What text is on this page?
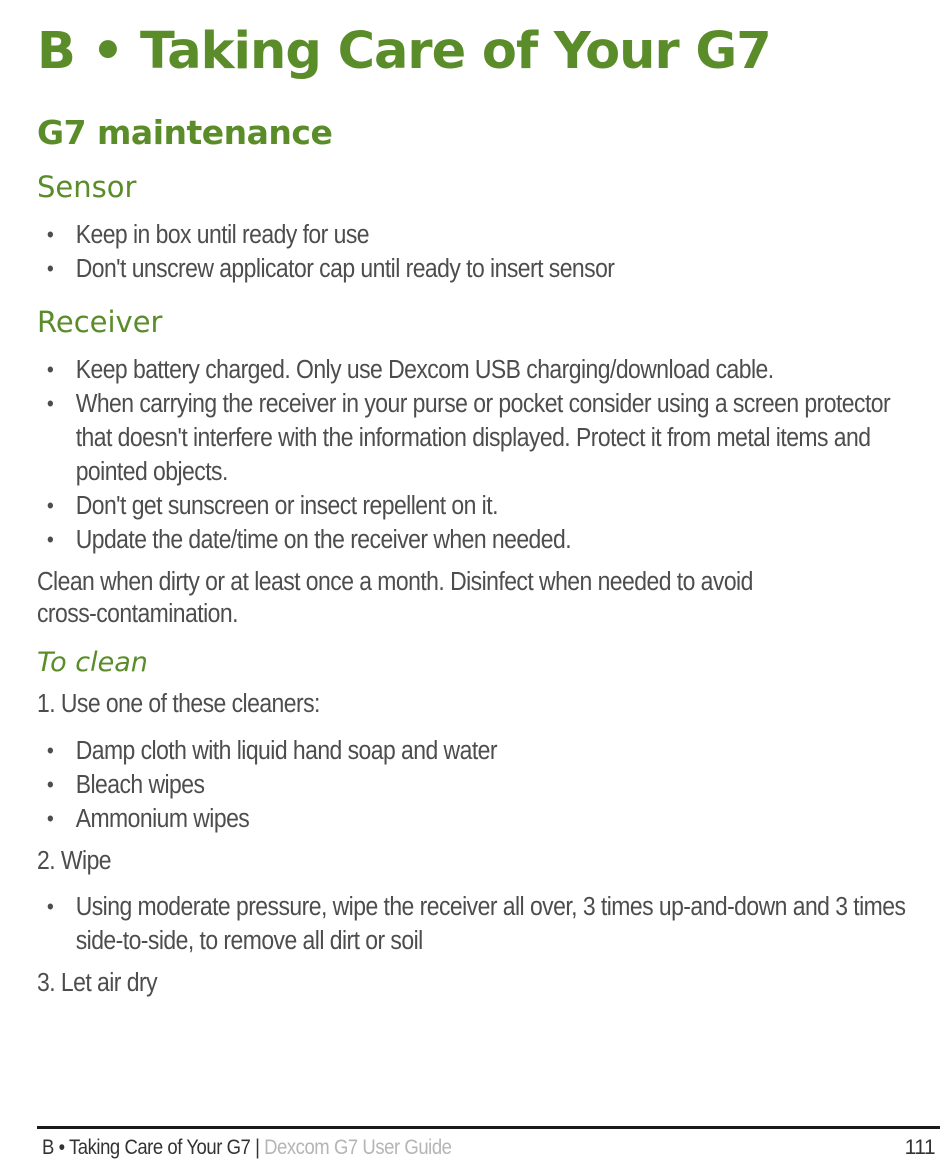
B • Taking Care of Your G7
G7 maintenance
Sensor
• Keep in box until ready for use
• Don't unscrew applicator cap until ready to insert sensor
Receiver
• Keep battery charged. Only use Dexcom USB charging/download cable.
• When carrying the receiver in your purse or pocket consider using a screen protector that doesn't interfere with the information displayed. Protect it from metal items and pointed objects.
• Don't get sunscreen or insect repellent on it.
• Update the date/time on the receiver when needed.

Clean when dirty or at least once a month. Disinfect when needed to avoid cross-contamination.

To clean

1. Use one of these cleaners:

• Damp cloth with liquid hand soap and water
• Bleach wipes
• Ammonium wipes

2. Wipe

• Using moderate pressure, wipe the receiver all over, 3 times up-and-down and 3 times side-to-side, to remove all dirt or soil

3. Let air dry

B • Taking Care of Your G7 | Dexcom G7 User Guide	111
